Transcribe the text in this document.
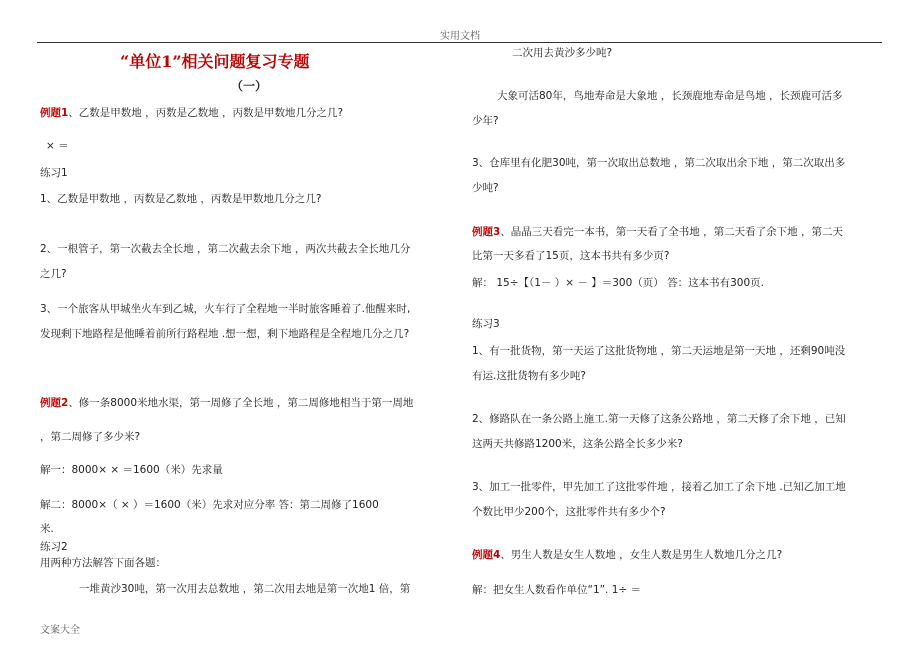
实用文档
“单位1”相关问题复习专题
（一）
例题1、乙数是甲数地 ，丙数是乙数地 ，丙数是甲数地几分之几?
× ＝
练习1
1、乙数是甲数地 ，丙数是乙数地 ，丙数是甲数地几分之几?
2、一根管子，第一次截去全长地 ，第二次截去余下地 ，两次共截去全长地几分
之几?
3、一个旅客从甲城坐火车到乙城，火车行了全程地一半时旅客睡着了.他醒来时,
发现剩下地路程是他睡着前所行路程地 .想一想，剩下地路程是全程地几分之几?
例题2、修一条8000米地水渠，第一周修了全长地 ，第二周修地相当于第一周地
，第二周修了多少米?
解一：8000× × ＝1600（米）先求量
解二：8000×（ × ）＝1600（米）先求对应分率 答：第二周修了1600
米.
练习2
用两种方法解答下面各题：
一堆黄沙30吨，第一次用去总数地 ，第二次用去地是第一次地1 倍，第
二次用去黄沙多少吨?
大象可活80年，鸟地寿命是大象地 ，长颈鹿地寿命是鸟地 ，长颈鹿可活多
少年?
3、仓库里有化肥30吨，第一次取出总数地 ，第二次取出余下地 ，第二次取出多
少吨?
例题3、晶晶三天看完一本书，第一天看了全书地 ，第二天看了余下地 ，第二天
比第一天多看了15页，这本书共有多少页?
解： 15÷【（1－ ）× － 】＝300（页） 答：这本书有300页.
练习3
1、有一批货物，第一天运了这批货物地 ，第二天运地是第一天地 ，还剩90吨没
有运.这批货物有多少吨?
2、修路队在一条公路上施工.第一天修了这条公路地 ，第二天修了余下地 ，已知
这两天共修路1200米，这条公路全长多少米?
3、加工一批零件，甲先加工了这批零件地 ，接着乙加工了余下地 .已知乙加工地
个数比甲少200个，这批零件共有多少个?
例题4、男生人数是女生人数地 ，女生人数是男生人数地几分之几?
解：把女生人数看作单位“1”. 1÷ ＝
文案大全
